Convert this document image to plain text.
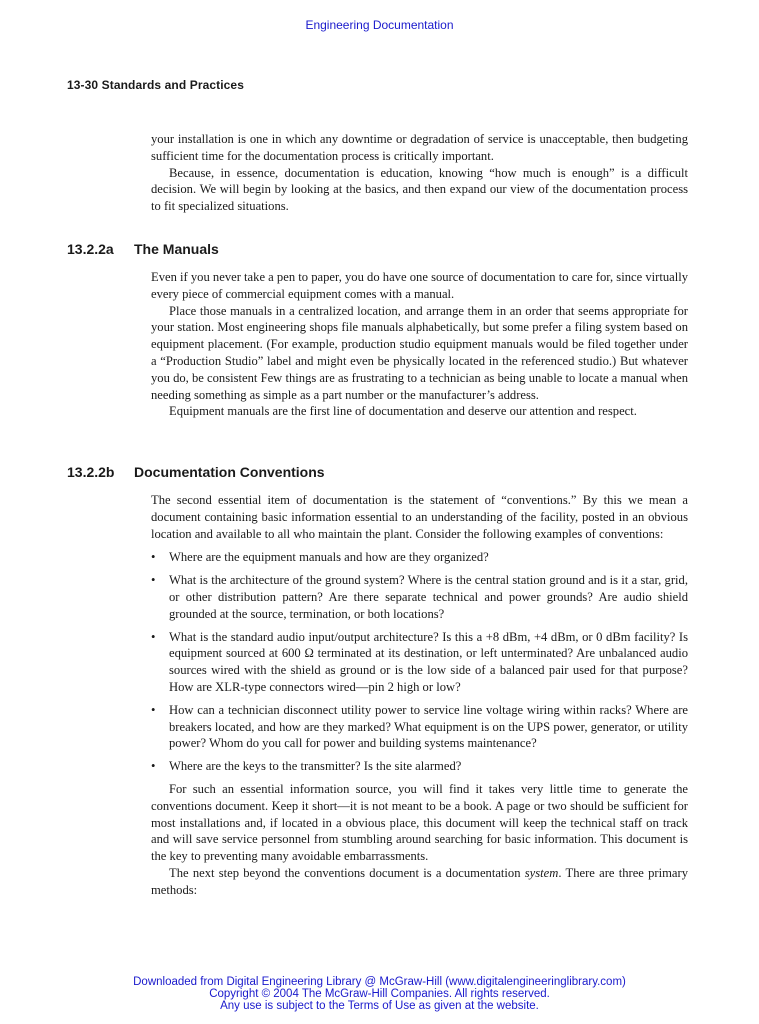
Engineering Documentation
13-30 Standards and Practices

your installation is one in which any downtime or degradation of service is unacceptable, then budgeting sufficient time for the documentation process is critically important.

Because, in essence, documentation is education, knowing “how much is enough” is a difficult decision. We will begin by looking at the basics, and then expand our view of the documentation process to fit specialized situations.

13.2.2a The Manuals

Even if you never take a pen to paper, you do have one source of documentation to care for, since virtually every piece of commercial equipment comes with a manual.

Place those manuals in a centralized location, and arrange them in an order that seems appropriate for your station. Most engineering shops file manuals alphabetically, but some prefer a filing system based on equipment placement. (For example, production studio equipment manuals would be filed together under a “Production Studio” label and might even be physically located in the referenced studio.) But whatever you do, be consistent Few things are as frustrating to a technician as being unable to locate a manual when needing something as simple as a part number or the manufacturer’s address.

Equipment manuals are the first line of documentation and deserve our attention and respect.

13.2.2b Documentation Conventions

The second essential item of documentation is the statement of “conventions.” By this we mean a document containing basic information essential to an understanding of the facility, posted in an obvious location and available to all who maintain the plant. Consider the following examples of conventions:

• Where are the equipment manuals and how are they organized?
• What is the architecture of the ground system? Where is the central station ground and is it a star, grid, or other distribution pattern? Are there separate technical and power grounds? Are audio shield grounded at the source, termination, or both locations?
• What is the standard audio input/output architecture? Is this a +8 dBm, +4 dBm, or 0 dBm facility? Is equipment sourced at 600 Ω terminated at its destination, or left unterminated? Are unbalanced audio sources wired with the shield as ground or is the low side of a balanced pair used for that purpose? How are XLR-type connectors wired—pin 2 high or low?
• How can a technician disconnect utility power to service line voltage wiring within racks? Where are breakers located, and how are they marked? What equipment is on the UPS power, generator, or utility power? Whom do you call for power and building systems maintenance?
• Where are the keys to the transmitter? Is the site alarmed?

For such an essential information source, you will find it takes very little time to generate the conventions document. Keep it short—it is not meant to be a book. A page or two should be sufficient for most installations and, if located in a obvious place, this document will keep the technical staff on track and will save service personnel from stumbling around searching for basic information. This document is the key to preventing many avoidable embarrassments.

The next step beyond the conventions document is a documentation system. There are three primary methods:

Downloaded from Digital Engineering Library @ McGraw-Hill (www.digitalengineeringlibrary.com)
Copyright © 2004 The McGraw-Hill Companies. All rights reserved.
Any use is subject to the Terms of Use as given at the website.
